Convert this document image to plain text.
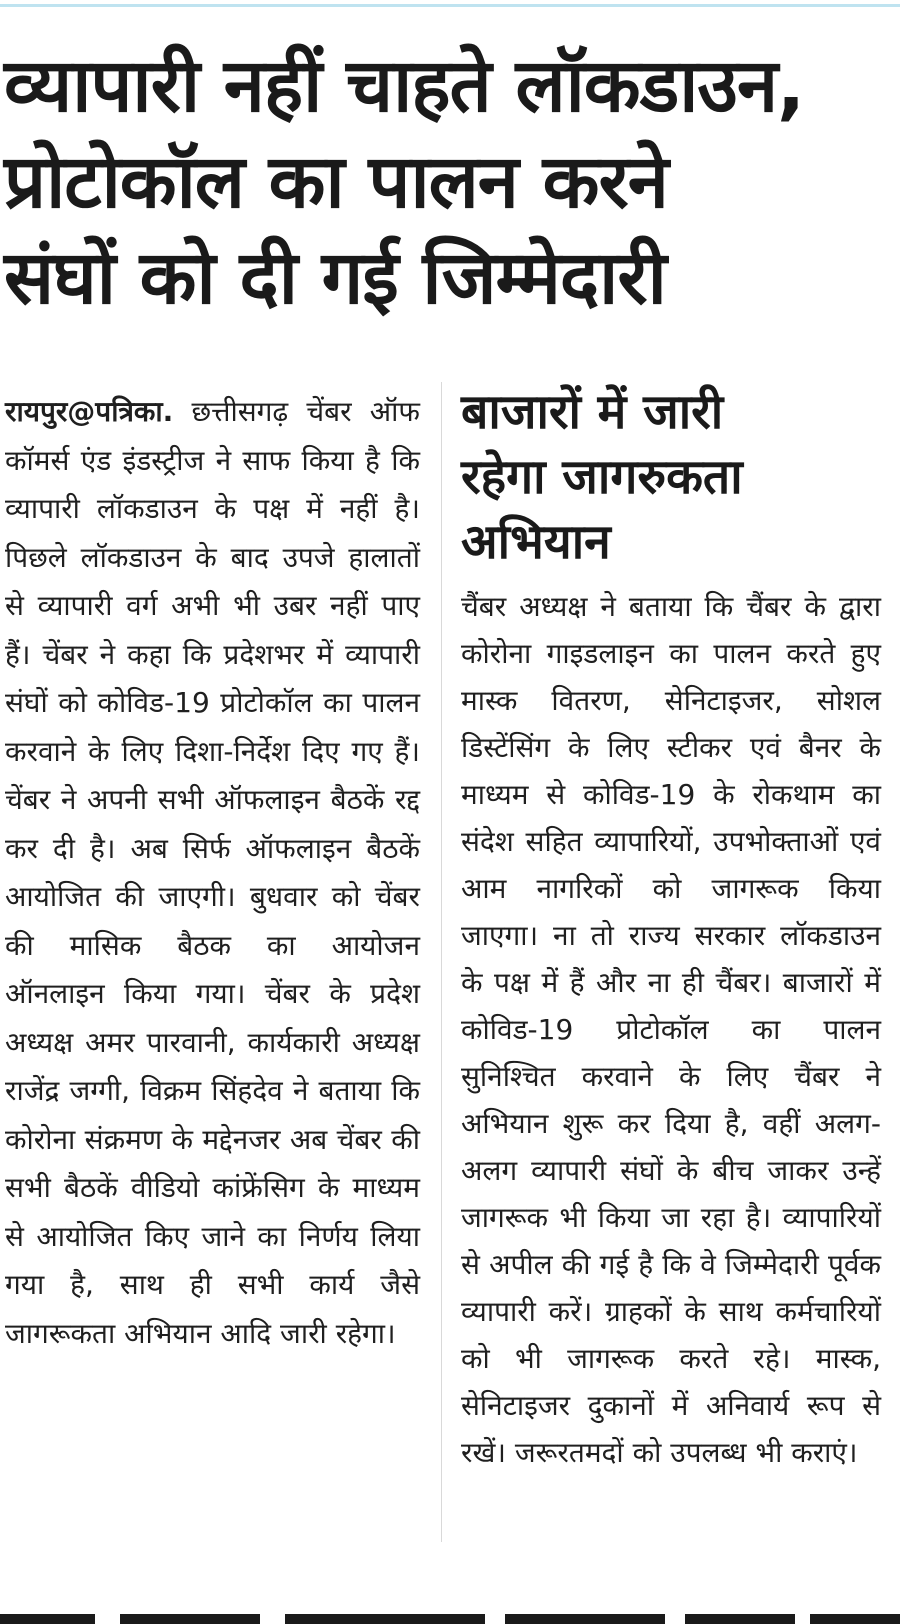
व्यापारी नहीं चाहते लॉकडाउन,
प्रोटोकॉल का पालन करने
संघों को दी गई जिम्मेदारी
रायपुर@पत्रिका. छत्तीसगढ़ चेंबर ऑफ कॉमर्स एंड इंडस्ट्रीज ने साफ किया है कि व्यापारी लॉकडाउन के पक्ष में नहीं है। पिछले लॉकडाउन के बाद उपजे हालातों से व्यापारी वर्ग अभी भी उबर नहीं पाए हैं। चेंबर ने कहा कि प्रदेशभर में व्यापारी संघों को कोविड-19 प्रोटोकॉल का पालन करवाने के लिए दिशा-निर्देश दिए गए हैं। चेंबर ने अपनी सभी ऑफलाइन बैठकें रद्द कर दी है। अब सिर्फ ऑफलाइन बैठकें आयोजित की जाएगी। बुधवार को चेंबर की मासिक बैठक का आयोजन ऑनलाइन किया गया। चेंबर के प्रदेश अध्यक्ष अमर पारवानी, कार्यकारी अध्यक्ष राजेंद्र जग्गी, विक्रम सिंहदेव ने बताया कि कोरोना संक्रमण के मद्देनजर अब चेंबर की सभी बैठकें वीडियो कांफ्रेंसिग के माध्यम से आयोजित किए जाने का निर्णय लिया गया है, साथ ही सभी कार्य जैसे जागरूकता अभियान आदि जारी रहेगा।
बाजारों में जारी
रहेगा जागरुकता
अभियान
चैंबर अध्यक्ष ने बताया कि चैंबर के द्वारा कोरोना गाइडलाइन का पालन करते हुए मास्क वितरण, सेनिटाइजर, सोशल डिस्टेंसिंग के लिए स्टीकर एवं बैनर के माध्यम से कोविड-19 के रोकथाम का संदेश सहित व्यापारियों, उपभोक्ताओं एवं आम नागरिकों को जागरूक किया जाएगा। ना तो राज्य सरकार लॉकडाउन के पक्ष में हैं और ना ही चैंबर। बाजारों में कोविड-19 प्रोटोकॉल का पालन सुनिश्चित करवाने के लिए चैंबर ने अभियान शुरू कर दिया है, वहीं अलग-अलग व्यापारी संघों के बीच जाकर उन्हें जागरूक भी किया जा रहा है। व्यापारियों से अपील की गई है कि वे जिम्मेदारी पूर्वक व्यापारी करें। ग्राहकों के साथ कर्मचारियों को भी जागरूक करते रहे। मास्क, सेनिटाइजर दुकानों में अनिवार्य रूप से रखें। जरूरतमदों को उपलब्ध भी कराएं।
